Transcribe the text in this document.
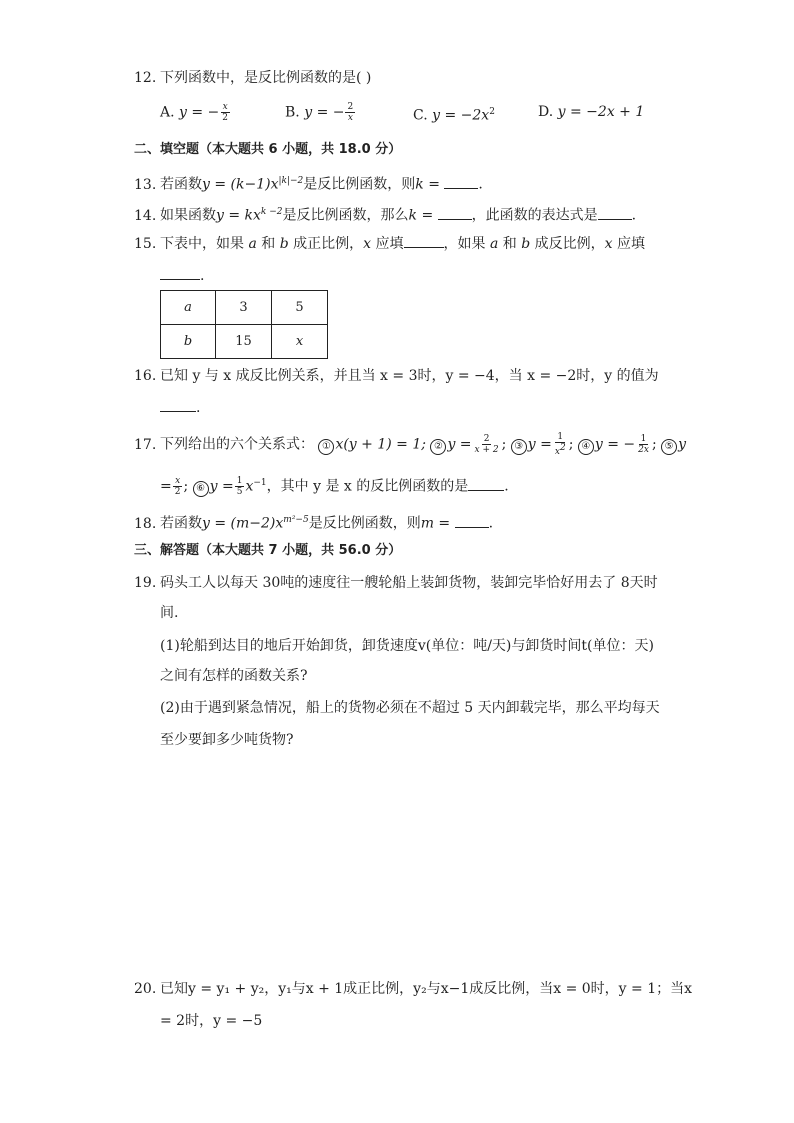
12. 下列函数中，是反比例函数的是( )
A. y = − $\frac{x}{2}$	B. y = − $\frac{2}{x}$	C. $y = -2x^2$	D. y = −2x + 1
二、填空题（本大题共 6 小题，共 18.0 分）
13. 若函数$y = (k-1)x^{|k|-2}$是反比例函数，则k =	.
14. 如果函数$y = kx^{k -2}$是反比例函数，那么k =	，此函数的表达式是 .
15. 下表中，如果 a 和 b 成正比例，x 应填	，如果 a 和 b 成反比例，x 应填
.
a	3	5
b	15	x
16. 已知 y 与 x 成反比例关系，并且当 x = 3时，y = −4，当 x = −2时，y 的值为
.
17. 下列给出的六个关系式： ① x(y + 1) = 1; ② $y = \frac{2}{x + 2}$ ; ③ $y = \frac{1}{x^2}$ ; ④ y = − $\frac{1}{2x}$ ; ⑤ y
= $\frac{x}{2}$ ; ⑥ $y = \frac{1}{5} x^{-1}$，其中 y 是 x 的反比例函数的是	.
18. 若函数$y = (m-2)x^{m^2-5}$是反比例函数，则m =	.
三、解答题（本大题共 7 小题，共 56.0 分）
19. 码头工人以每天 30吨的速度往一艘轮船上装卸货物，装卸完毕恰好用去了 8天时
间.
(1)轮船到达目的地后开始卸货，卸货速度v(单位：吨/天)与卸货时间t(单位：天)
之间有怎样的函数关系?
(2)由于遇到紧急情况，船上的货物必须在不超过 5 天内卸载完毕，那么平均每天
至少要卸多少吨货物?
20. 已知y = y₁ + y₂，y₁与x + 1成正比例，y₂与x−1成反比例，当x = 0时，y = 1；当x
= 2时，y = −5
